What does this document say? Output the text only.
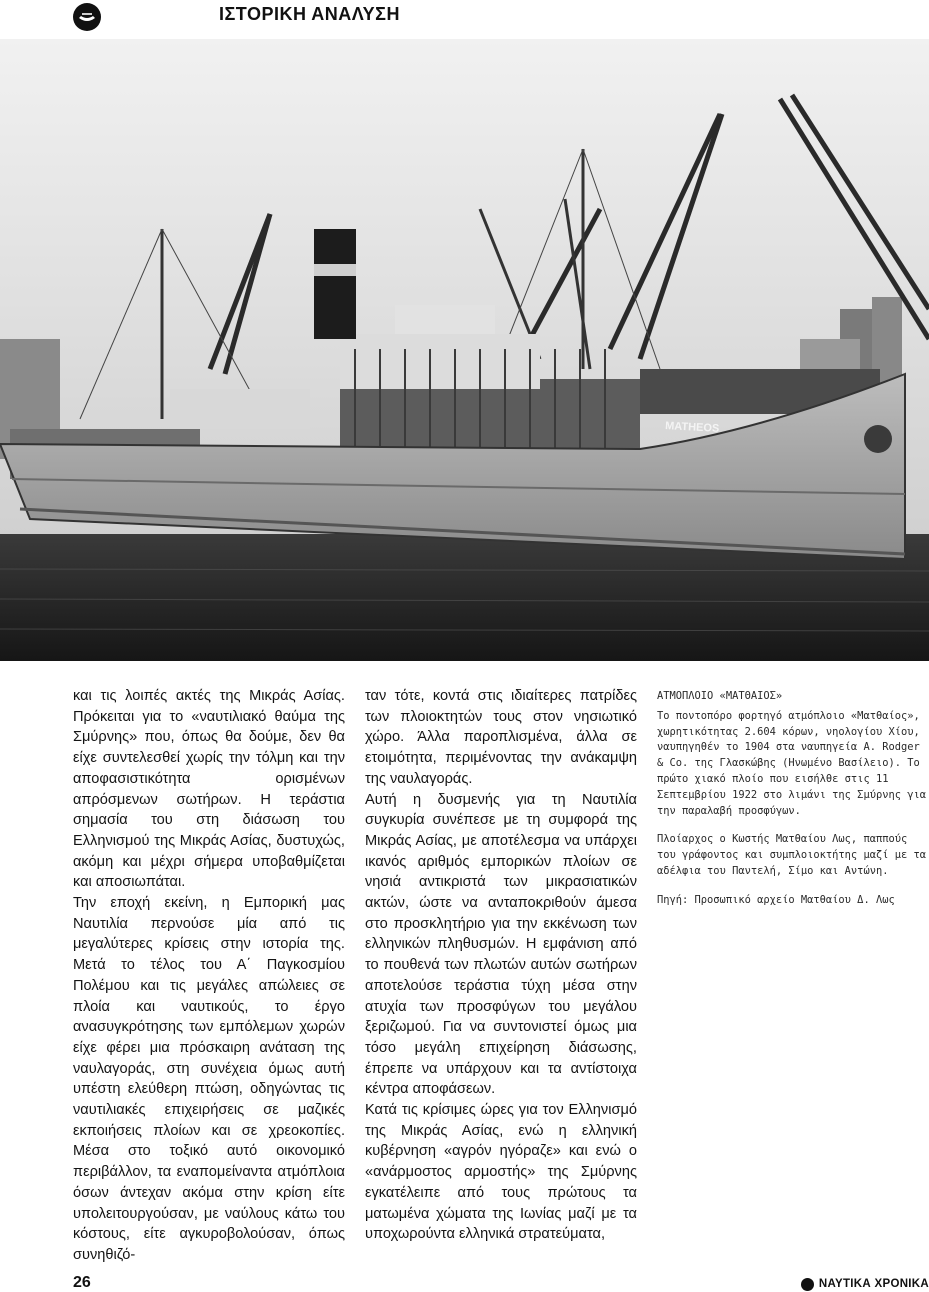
ΙΣΤΟΡΙΚΗ ΑΝΑΛΥΣΗ
MATHEOS

και τις λοιπές ακτές της Μικράς Ασίας. Πρόκειται για το «ναυτιλιακό θαύμα της Σμύρνης» που, όπως θα δούμε, δεν θα είχε συντελεσθεί χωρίς την τόλμη και την αποφασιστικότητα ορισμένων απρόσμενων σωτήρων. Η τεράστια σημασία του στη διάσωση του Ελληνισμού της Μικράς Ασίας, δυστυχώς, ακόμη και μέχρι σήμερα υποβαθμίζεται και αποσιωπάται.

Την εποχή εκείνη, η Εμπορική μας Ναυτιλία περνούσε μία από τις μεγαλύτερες κρίσεις στην ιστορία της. Μετά το τέλος του Α΄ Παγκοσμίου Πολέμου και τις μεγάλες απώλειες σε πλοία και ναυτικούς, το έργο ανασυγκρότησης των εμπόλεμων χωρών είχε φέρει μια πρόσκαιρη ανάταση της ναυλαγοράς, στη συνέχεια όμως αυτή υπέστη ελεύθερη πτώση, οδηγώντας τις ναυτιλιακές επιχειρήσεις σε μαζικές εκποιήσεις πλοίων και σε χρεοκοπίες. Μέσα στο τοξικό αυτό οικονομικό περιβάλλον, τα εναπομείναντα ατμόπλοια όσων άντεχαν ακόμα στην κρίση είτε υπολειτουργούσαν, με ναύλους κάτω του κόστους, είτε αγκυροβολούσαν, όπως συνηθιζό-

ταν τότε, κοντά στις ιδιαίτερες πατρίδες των πλοιοκτητών τους στον νησιωτικό χώρο. Άλλα παροπλισμένα, άλλα σε ετοιμότητα, περιμένοντας την ανάκαμψη της ναυλαγοράς.

Αυτή η δυσμενής για τη Ναυτιλία συγκυρία συνέπεσε με τη συμφορά της Μικράς Ασίας, με αποτέλεσμα να υπάρχει ικανός αριθμός εμπορικών πλοίων σε νησιά αντικριστά των μικρασιατικών ακτών, ώστε να ανταποκριθούν άμεσα στο προσκλητήριο για την εκκένωση των ελληνικών πληθυσμών. Η εμφάνιση από το πουθενά των πλωτών αυτών σωτήρων αποτελούσε τεράστια τύχη μέσα στην ατυχία των προσφύγων του μεγάλου ξεριζωμού. Για να συντονιστεί όμως μια τόσο μεγάλη επιχείρηση διάσωσης, έπρεπε να υπάρχουν και τα αντίστοιχα κέντρα αποφάσεων.

Κατά τις κρίσιμες ώρες για τον Ελληνισμό της Μικράς Ασίας, ενώ η ελληνική κυβέρνηση «αγρόν ηγόραζε» και ενώ ο «ανάρμοστος αρμοστής» της Σμύρνης εγκατέλειπε από τους πρώτους τα ματωμένα χώματα της Ιωνίας μαζί με τα υποχωρούντα ελληνικά στρατεύματα,

ΑΤΜΟΠΛΟΙΟ «ΜΑΤΘΑΙΟΣ»

Το ποντοπόρο φορτηγό ατμόπλοιο «Ματθαίος», χωρητικότητας 2.604 κόρων, νηολογίου Χίου, ναυπηγηθέν το 1904 στα ναυπηγεία A. Rodger & Co. της Γλασκώβης (Ηνωμένο Βασίλειο). Το πρώτο χιακό πλοίο που εισήλθε στις 11 Σεπτεμβρίου 1922 στο λιμάνι της Σμύρνης για την παραλαβή προσφύγων.

Πλοίαρχος ο Κωστής Ματθαίου Λως, παππούς του γράφοντος και συμπλοιοκτήτης μαζί με τα αδέλφια του Παντελή, Σίμο και Αντώνη.

Πηγή: Προσωπικό αρχείο Ματθαίου Δ. Λως

26	ΝΑΥΤΙΚΑ ΧΡΟΝΙΚΑ
